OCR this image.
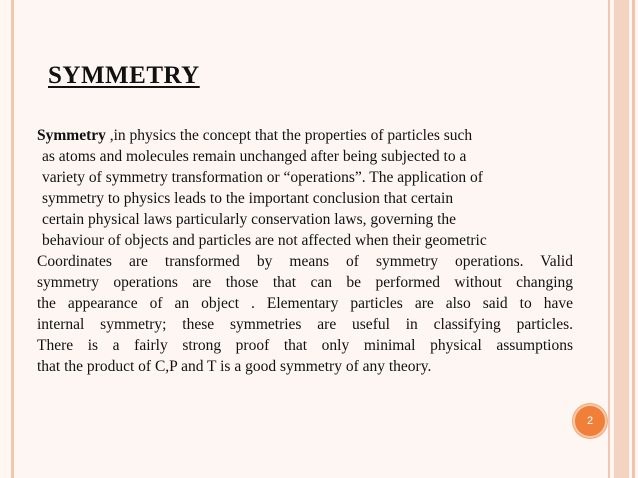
SYMMETRY

Symmetry ,in physics the concept that the properties of particles such

as atoms and molecules remain unchanged after being subjected to a

variety of symmetry transformation or “operations”. The application of

symmetry to physics leads to the important conclusion that certain

certain physical laws particularly conservation laws, governing the

behaviour of objects and particles are not affected when their geometric

Coordinates are transformed by means of symmetry operations. Valid

symmetry operations are those that can be performed without changing

the appearance of an object . Elementary particles are also said to have

internal symmetry; these symmetries are useful in classifying particles.

There is a fairly strong proof that only minimal physical assumptions

that the product of C,P and T is a good symmetry of any theory.

2
